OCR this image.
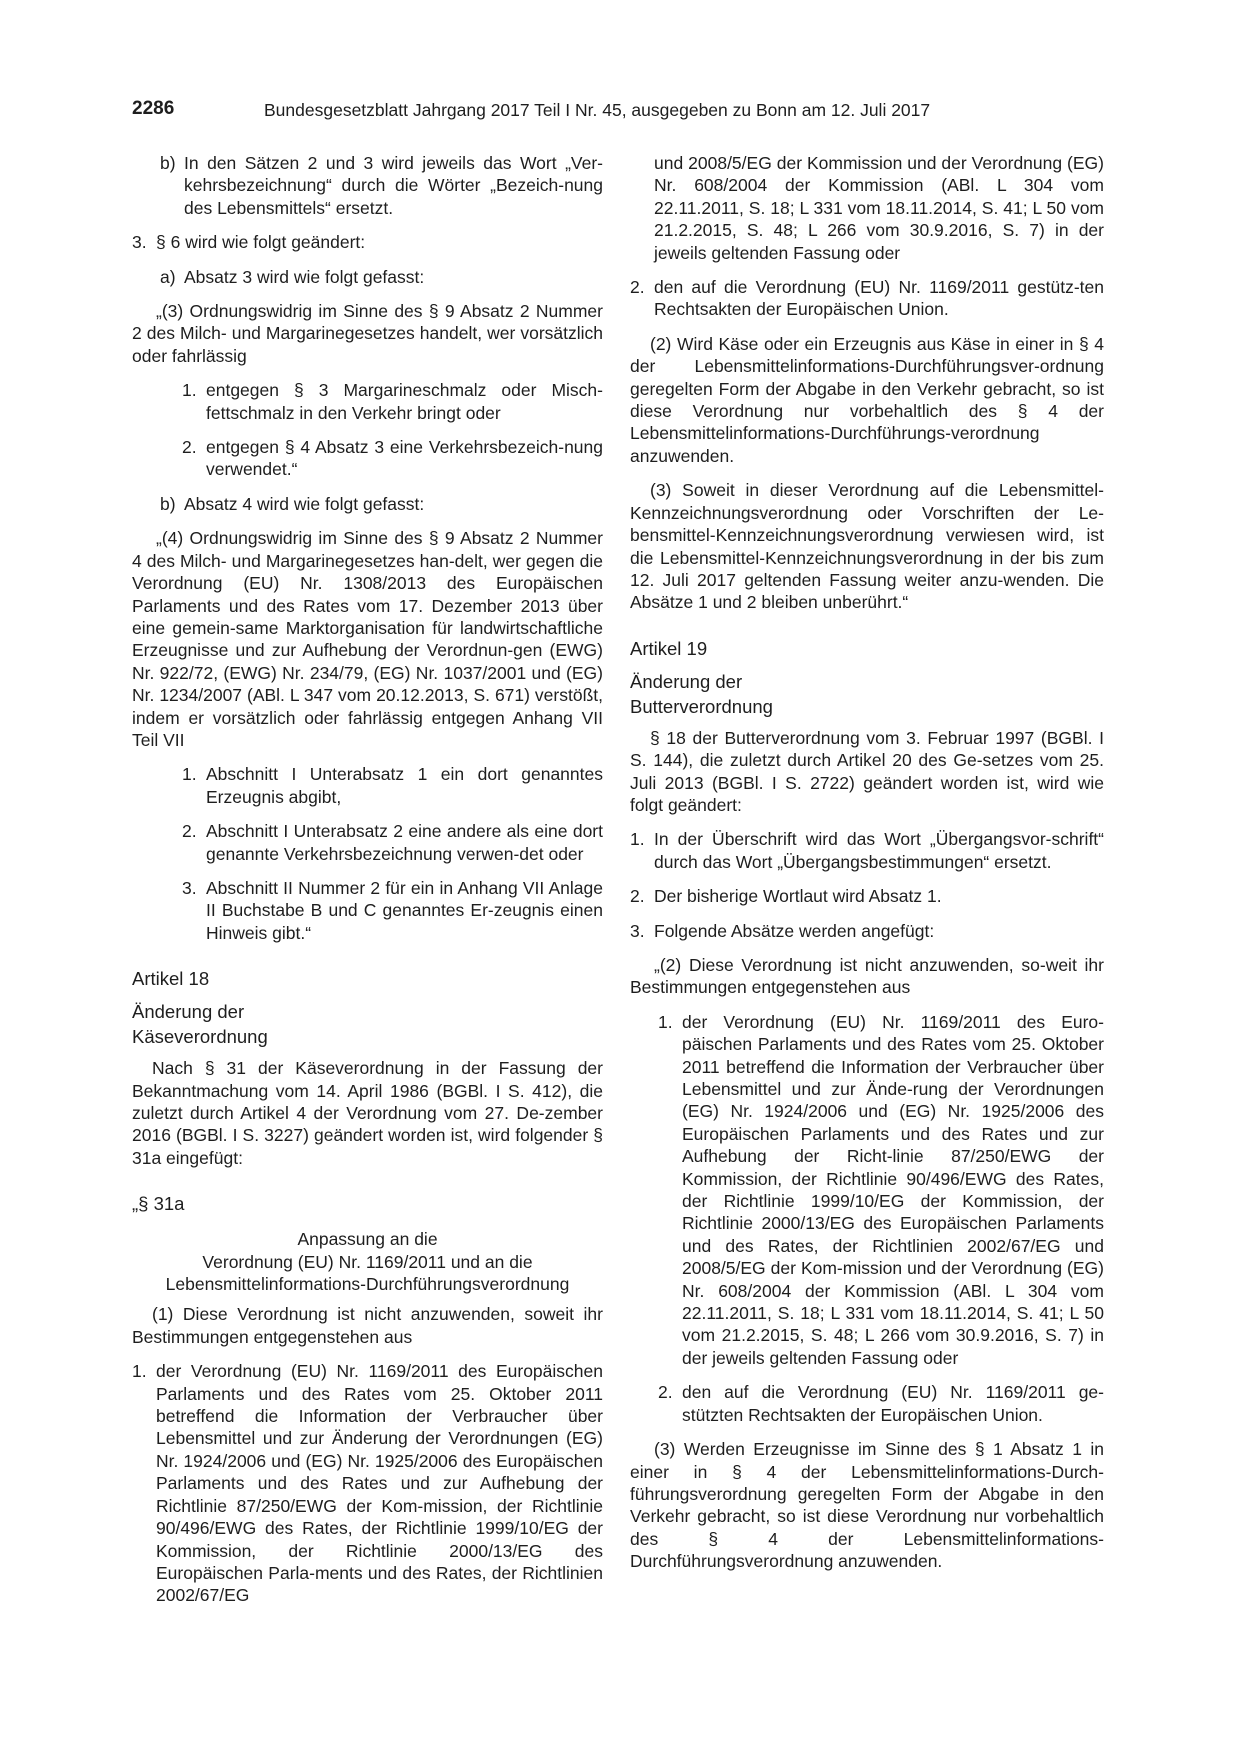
2286	Bundesgesetzblatt Jahrgang 2017 Teil I Nr. 45, ausgegeben zu Bonn am 12. Juli 2017
b) In den Sätzen 2 und 3 wird jeweils das Wort „Ver-kehrsbezeichnung“ durch die Wörter „Bezeich-nung des Lebensmittels“ ersetzt.

3. § 6 wird wie folgt geändert:

a) Absatz 3 wird wie folgt gefasst:

„(3) Ordnungswidrig im Sinne des § 9 Absatz 2 Nummer 2 des Milch- und Margarinegesetzes handelt, wer vorsätzlich oder fahrlässig

1. entgegen § 3 Margarineschmalz oder Misch-fettschmalz in den Verkehr bringt oder

2. entgegen § 4 Absatz 3 eine Verkehrsbezeich-nung verwendet.“

b) Absatz 4 wird wie folgt gefasst:

„(4) Ordnungswidrig im Sinne des § 9 Absatz 2 Nummer 4 des Milch- und Margarinegesetzes han-delt, wer gegen die Verordnung (EU) Nr. 1308/2013 des Europäischen Parlaments und des Rates vom 17. Dezember 2013 über eine gemein-same Marktorganisation für landwirtschaftliche Erzeugnisse und zur Aufhebung der Verordnun-gen (EWG) Nr. 922/72, (EWG) Nr. 234/79, (EG) Nr. 1037/2001 und (EG) Nr. 1234/2007 (ABl. L 347 vom 20.12.2013, S. 671) verstößt, indem er vorsätzlich oder fahrlässig entgegen Anhang VII Teil VII

1. Abschnitt I Unterabsatz 1 ein dort genanntes Erzeugnis abgibt,

2. Abschnitt I Unterabsatz 2 eine andere als eine dort genannte Verkehrsbezeichnung verwen-det oder

3. Abschnitt II Nummer 2 für ein in Anhang VII Anlage II Buchstabe B und C genanntes Er-zeugnis einen Hinweis gibt.“

Artikel 18

Änderung der

Käseverordnung

Nach § 31 der Käseverordnung in der Fassung der Bekanntmachung vom 14. April 1986 (BGBl. I S. 412), die zuletzt durch Artikel 4 der Verordnung vom 27. De-zember 2016 (BGBl. I S. 3227) geändert worden ist, wird folgender § 31a eingefügt:

„§ 31a

Anpassung an die

Verordnung (EU) Nr. 1169/2011 und an die

Lebensmittelinformations-Durchführungsverordnung

(1) Diese Verordnung ist nicht anzuwenden, soweit ihr Bestimmungen entgegenstehen aus

1. der Verordnung (EU) Nr. 1169/2011 des Europäischen Parlaments und des Rates vom 25. Oktober 2011 betreffend die Information der Verbraucher über Lebensmittel und zur Änderung der Verordnungen (EG) Nr. 1924/2006 und (EG) Nr. 1925/2006 des Europäischen Parlaments und des Rates und zur Aufhebung der Richtlinie 87/250/EWG der Kom-mission, der Richtlinie 90/496/EWG des Rates, der Richtlinie 1999/10/EG der Kommission, der Richtlinie 2000/13/EG des Europäischen Parla-ments und des Rates, der Richtlinien 2002/67/EG

und 2008/5/EG der Kommission und der Verordnung (EG) Nr. 608/2004 der Kommission (ABl. L 304 vom 22.11.2011, S. 18; L 331 vom 18.11.2014, S. 41; L 50 vom 21.2.2015, S. 48; L 266 vom 30.9.2016, S. 7) in der jeweils geltenden Fassung oder

2. den auf die Verordnung (EU) Nr. 1169/2011 gestütz-ten Rechtsakten der Europäischen Union.

(2) Wird Käse oder ein Erzeugnis aus Käse in einer in § 4 der Lebensmittelinformations-Durchführungsver-ordnung geregelten Form der Abgabe in den Verkehr gebracht, so ist diese Verordnung nur vorbehaltlich des § 4 der Lebensmittelinformations-Durchführungs-verordnung anzuwenden.

(3) Soweit in dieser Verordnung auf die Lebensmittel-Kennzeichnungsverordnung oder Vorschriften der Le-bensmittel-Kennzeichnungsverordnung verwiesen wird, ist die Lebensmittel-Kennzeichnungsverordnung in der bis zum 12. Juli 2017 geltenden Fassung weiter anzu-wenden. Die Absätze 1 und 2 bleiben unberührt.“

Artikel 19

Änderung der

Butterverordnung

§ 18 der Butterverordnung vom 3. Februar 1997 (BGBl. I S. 144), die zuletzt durch Artikel 20 des Ge-setzes vom 25. Juli 2013 (BGBl. I S. 2722) geändert worden ist, wird wie folgt geändert:

1. In der Überschrift wird das Wort „Übergangsvor-schrift“ durch das Wort „Übergangsbestimmungen“ ersetzt.

2. Der bisherige Wortlaut wird Absatz 1.

3. Folgende Absätze werden angefügt:

„(2) Diese Verordnung ist nicht anzuwenden, so-weit ihr Bestimmungen entgegenstehen aus

1. der Verordnung (EU) Nr. 1169/2011 des Euro-päischen Parlaments und des Rates vom 25. Oktober 2011 betreffend die Information der Verbraucher über Lebensmittel und zur Ände-rung der Verordnungen (EG) Nr. 1924/2006 und (EG) Nr. 1925/2006 des Europäischen Parlaments und des Rates und zur Aufhebung der Richt-linie 87/250/EWG der Kommission, der Richtlinie 90/496/EWG des Rates, der Richtlinie 1999/10/EG der Kommission, der Richtlinie 2000/13/EG des Europäischen Parlaments und des Rates, der Richtlinien 2002/67/EG und 2008/5/EG der Kom-mission und der Verordnung (EG) Nr. 608/2004 der Kommission (ABl. L 304 vom 22.11.2011, S. 18; L 331 vom 18.11.2014, S. 41; L 50 vom 21.2.2015, S. 48; L 266 vom 30.9.2016, S. 7) in der jeweils geltenden Fassung oder

2. den auf die Verordnung (EU) Nr. 1169/2011 ge-stützten Rechtsakten der Europäischen Union.

(3) Werden Erzeugnisse im Sinne des § 1 Absatz 1 in einer in § 4 der Lebensmittelinformations-Durch-führungsverordnung geregelten Form der Abgabe in den Verkehr gebracht, so ist diese Verordnung nur vorbehaltlich des § 4 der Lebensmittelinformations-Durchführungsverordnung anzuwenden.
